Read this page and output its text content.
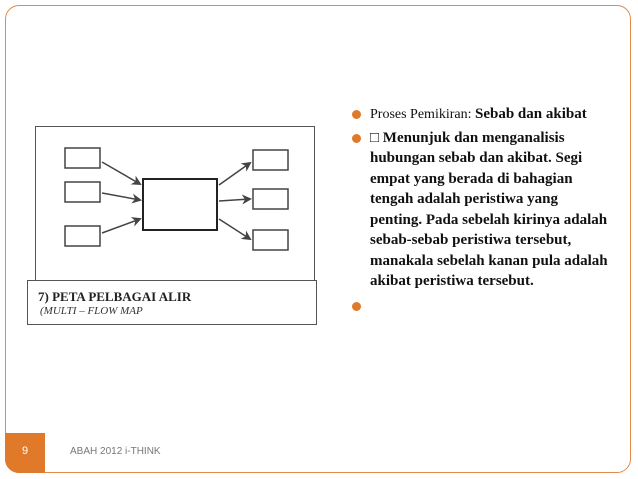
7) PETA PELBAGAI ALIR
(MULTI – FLOW MAP
Proses Pemikiran: Sebab dan akibat
□ Menunjuk dan menganalisis hubungan sebab dan akibat. Segi empat yang berada di bahagian tengah adalah peristiwa yang penting. Pada sebelah kirinya adalah sebab-sebab peristiwa tersebut, manakala sebelah kanan pula adalah akibat peristiwa tersebut.
9	ABAH 2012 i-THINK
